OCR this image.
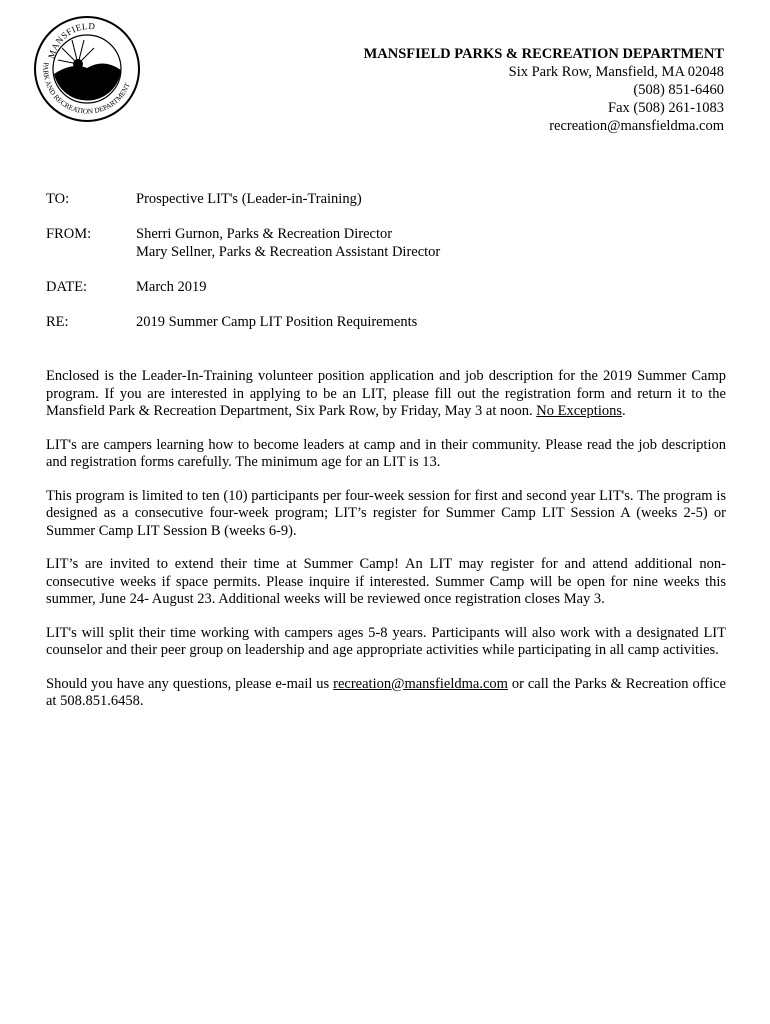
MANSFIELD
PARK AND RECREATION DEPARTMENT
MANSFIELD PARKS & RECREATION DEPARTMENT
Six Park Row, Mansfield, MA 02048
(508) 851-6460
Fax (508) 261-1083
recreation@mansfieldma.com
TO:	Prospective LIT's (Leader-in-Training)
FROM:	Sherri Gurnon, Parks & Recreation Director
Mary Sellner, Parks & Recreation Assistant Director
DATE:	March 2019
RE:	2019 Summer Camp LIT Position Requirements

Enclosed is the Leader-In-Training volunteer position application and job description for the 2019 Summer Camp program. If you are interested in applying to be an LIT, please fill out the registration form and return it to the Mansfield Park & Recreation Department, Six Park Row, by Friday, May 3 at noon. No Exceptions.

LIT's are campers learning how to become leaders at camp and in their community. Please read the job description and registration forms carefully. The minimum age for an LIT is 13.

This program is limited to ten (10) participants per four-week session for first and second year LIT's. The program is designed as a consecutive four-week program; LIT’s register for Summer Camp LIT Session A (weeks 2-5) or Summer Camp LIT Session B (weeks 6-9).

LIT’s are invited to extend their time at Summer Camp! An LIT may register for and attend additional non-consecutive weeks if space permits. Please inquire if interested. Summer Camp will be open for nine weeks this summer, June 24- August 23. Additional weeks will be reviewed once registration closes May 3.

LIT's will split their time working with campers ages 5-8 years. Participants will also work with a designated LIT counselor and their peer group on leadership and age appropriate activities while participating in all camp activities.

Should you have any questions, please e-mail us recreation@mansfieldma.com or call the Parks & Recreation office at 508.851.6458.
